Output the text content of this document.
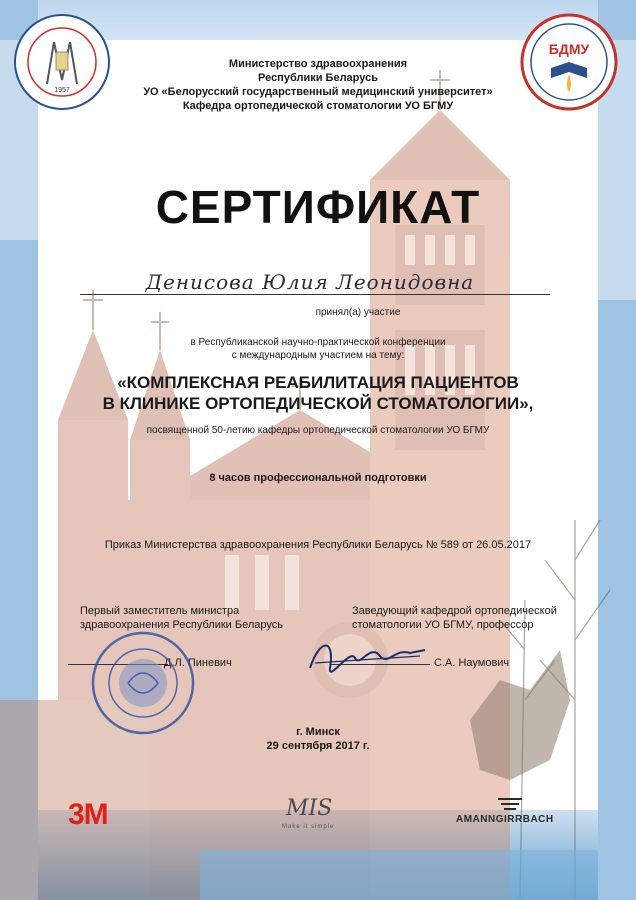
1957
БДМУ
Министерство здравоохранения
Республики Беларусь
УО «Белорусский государственный медицинский университет»
Кафедра ортопедической стоматологии УО БГМУ
СЕРТИФИКАТ
Денисова Юлия Леонидовна
принял(а) участие
в Республиканской научно-практической конференции
с международным участием на тему:
«КОМПЛЕКСНАЯ РЕАБИЛИТАЦИЯ ПАЦИЕНТОВ
В КЛИНИКЕ ОРТОПЕДИЧЕСКОЙ СТОМАТОЛОГИИ»,
посвященной 50-летию кафедры ортопедической стоматологии УО БГМУ
8 часов профессиональной подготовки
Приказ Министерства здравоохранения Республики Беларусь № 589 от 26.05.2017
Первый заместитель министра
здравоохранения Республики Беларусь
Д.Л. Пиневич
Заведующий кафедрой ортопедической
стоматологии УО БГМУ, профессор
С.А. Наумович
г. Минск
29 сентября 2017 г.
3M	MIS
Make it simple
AMANNGIRRBACH
